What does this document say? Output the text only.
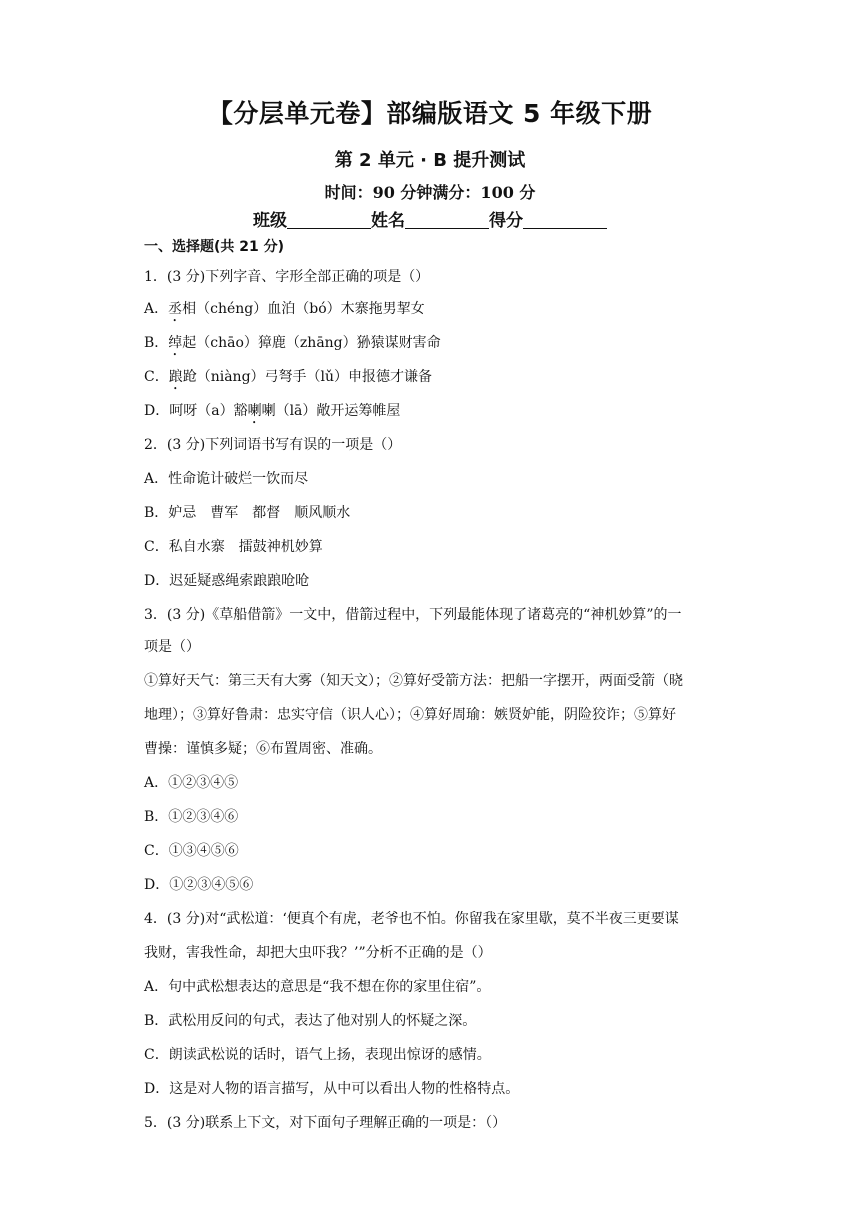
【分层单元卷】部编版语文 5 年级下册
第 2 单元 · B 提升测试
时间：90 分钟满分：100 分
班级	姓名	得分
一、选择题(共 21 分)
1．(3 分)下列字音、字形全部正确的项是（）
A．丞相（chéng）血泊（bó）木寨拖男挈女
B．绰起（chāo）獐鹿（zhāng）狲猿谋财害命
C．踉跄（niàng）弓弩手（lǔ）申报德才谦备
D．呵呀（a）豁喇喇（lā）敞开运筹帷屋
2．(3 分)下列词语书写有误的一项是（）
A．性命诡计破烂一饮而尽
B．妒忌　曹军　都督　顺风顺水
C．私自水寨　擂鼓神机妙算
D．迟延疑惑绳索踉踉呛呛
3．(3 分)《草船借箭》一文中，借箭过程中，下列最能体现了诸葛亮的“神机妙算”的一
项是（）
①算好天气：第三天有大雾（知天文）；②算好受箭方法：把船一字摆开，两面受箭（晓
地理）；③算好鲁肃：忠实守信（识人心）；④算好周瑜：嫉贤妒能，阴险狡诈；⑤算好
曹操：谨慎多疑；⑥布置周密、准确。
A．①②③④⑤
B．①②③④⑥
C．①③④⑤⑥
D．①②③④⑤⑥
4．(3 分)对“武松道：‘便真个有虎，老爷也不怕。你留我在家里歇，莫不半夜三更要谋
我财，害我性命，却把大虫吓我？’”分析不正确的是（）
A．句中武松想表达的意思是“我不想在你的家里住宿”。
B．武松用反问的句式，表达了他对别人的怀疑之深。
C．朗读武松说的话时，语气上扬，表现出惊讶的感情。
D．这是对人物的语言描写，从中可以看出人物的性格特点。
5．(3 分)联系上下文，对下面句子理解正确的一项是：（）
